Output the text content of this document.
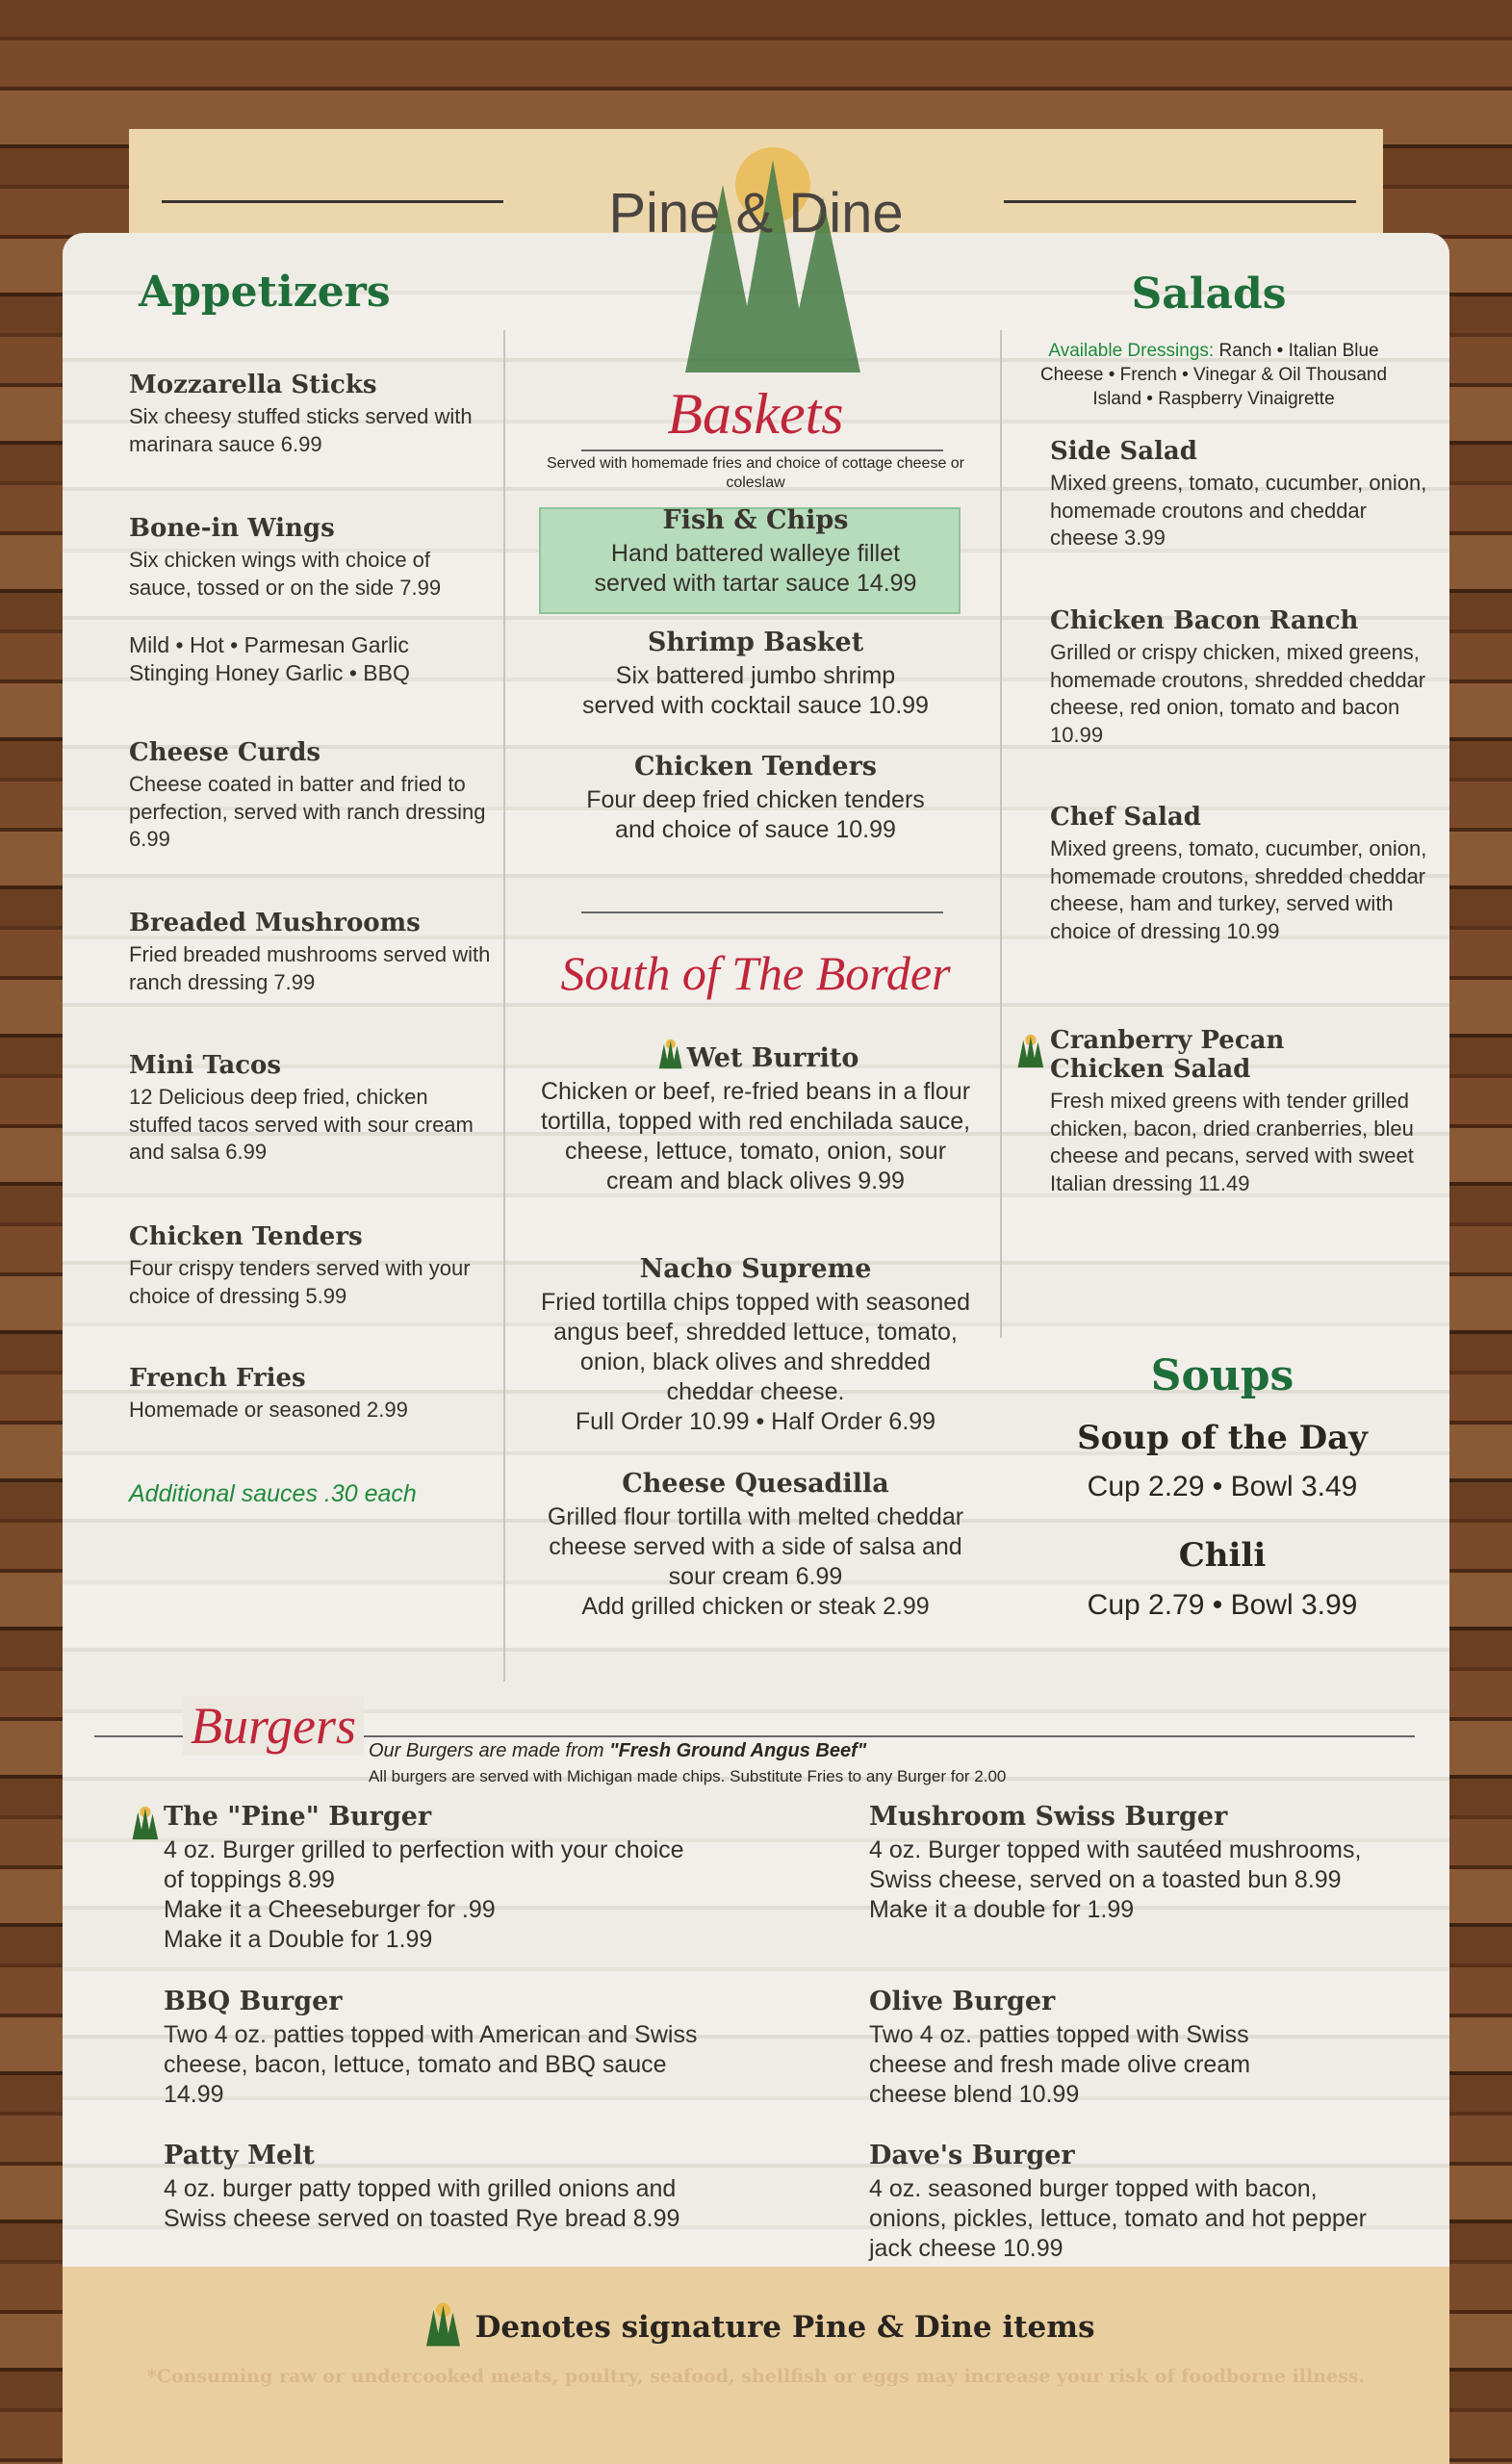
Pine & Dine
Appetizers
Mozzarella Sticks

Six cheesy stuffed sticks served with marinara sauce 6.99

Bone-in Wings

Six chicken wings with choice of sauce, tossed or on the side 7.99

Mild • Hot • Parmesan Garlic

Stinging Honey Garlic • BBQ

Cheese Curds

Cheese coated in batter and fried to perfection, served with ranch dressing 6.99

Breaded Mushrooms

Fried breaded mushrooms served with ranch dressing 7.99

Mini Tacos

12 Delicious deep fried, chicken stuffed tacos served with sour cream and salsa 6.99

Chicken Tenders

Four crispy tenders served with your choice of dressing 5.99

French Fries

Homemade or seasoned 2.99

Additional sauces .30 each
Baskets
Served with homemade fries and choice of cottage cheese or coleslaw
Fish & Chips

Hand battered walleye fillet served with tartar sauce 14.99

Shrimp Basket

Six battered jumbo shrimp served with cocktail sauce 10.99

Chicken Tenders

Four deep fried chicken tenders and choice of sauce 10.99

South of The Border
Wet Burrito

Chicken or beef, re-fried beans in a flour tortilla, topped with red enchilada sauce, cheese, lettuce, tomato, onion, sour cream and black olives 9.99

Nacho Supreme

Fried tortilla chips topped with seasoned angus beef, shredded lettuce, tomato, onion, black olives and shredded cheddar cheese.

Full Order 10.99 • Half Order 6.99

Cheese Quesadilla

Grilled flour tortilla with melted cheddar cheese served with a side of salsa and sour cream 6.99

Add grilled chicken or steak 2.99

Salads
Available Dressings: Ranch • Italian Blue Cheese • French • Vinegar & Oil Thousand Island • Raspberry Vinaigrette
Side Salad

Mixed greens, tomato, cucumber, onion, homemade croutons and cheddar cheese 3.99

Chicken Bacon Ranch

Grilled or crispy chicken, mixed greens, homemade croutons, shredded cheddar cheese, red onion, tomato and bacon 10.99

Chef Salad

Mixed greens, tomato, cucumber, onion, homemade croutons, shredded cheddar cheese, ham and turkey, served with choice of dressing 10.99

Cranberry Pecan Chicken Salad

Fresh mixed greens with tender grilled chicken, bacon, dried cranberries, bleu cheese and pecans, served with sweet Italian dressing 11.49

Soups
Soup of the Day
Cup 2.29 • Bowl 3.49
Chili
Cup 2.79 • Bowl 3.99
Burgers Our Burgers are made from "Fresh Ground Angus Beef"
All burgers are served with Michigan made chips. Substitute Fries to any Burger for 2.00
The "Pine" Burger

4 oz. Burger grilled to perfection with your choice of toppings 8.99

Make it a Cheeseburger for .99

Make it a Double for 1.99

BBQ Burger

Two 4 oz. patties topped with American and Swiss cheese, bacon, lettuce, tomato and BBQ sauce 14.99

Patty Melt

4 oz. burger patty topped with grilled onions and Swiss cheese served on toasted Rye bread 8.99

Mushroom Swiss Burger

4 oz. Burger topped with sautéed mushrooms, Swiss cheese, served on a toasted bun 8.99

Make it a double for 1.99

Olive Burger

Two 4 oz. patties topped with Swiss cheese and fresh made olive cream cheese blend 10.99

Dave's Burger

4 oz. seasoned burger topped with bacon, onions, pickles, lettuce, tomato and hot pepper jack cheese 10.99

Denotes signature Pine & Dine items
*Consuming raw or undercooked meats, poultry, seafood, shellfish or eggs may increase your risk of foodborne illness.
